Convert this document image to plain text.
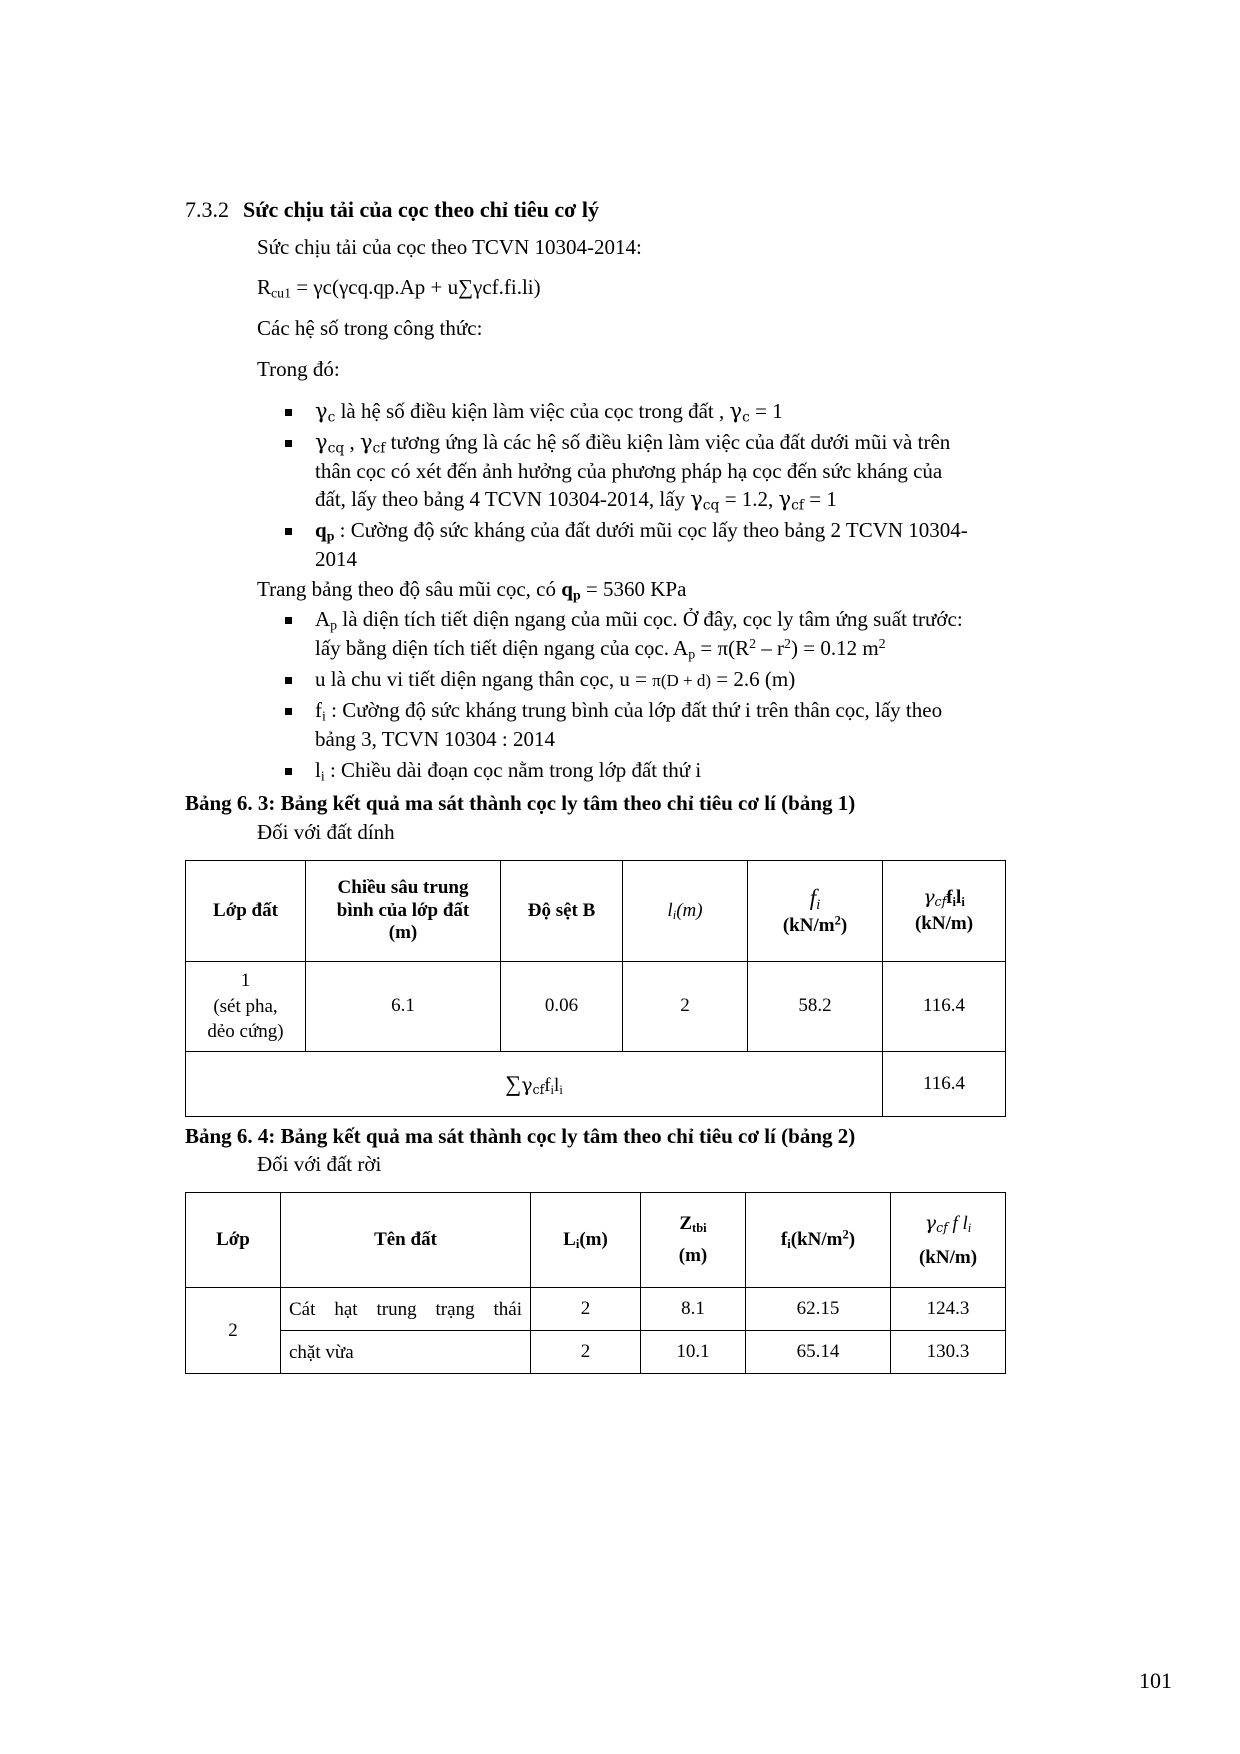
7.3.2 Sức chịu tải của cọc theo chỉ tiêu cơ lý

Sức chịu tải của cọc theo TCVN 10304-2014:

$R_{cu1} = \gamma c(\gamma cq.qp.Ap + u\sum\gamma cf.fi.li)$

Các hệ số trong công thức:

Trong đó:

$\gamma_c$ là hệ số điều kiện làm việc của cọc trong đất , $\gamma_c = 1$
$\gamma_{cq}$ , $\gamma_{cf}$ tương ứng là các hệ số điều kiện làm việc của đất dưới mũi và trên
thân cọc có xét đến ảnh hưởng của phương pháp hạ cọc đến sức kháng của
đất, lấy theo bảng 4 TCVN 10304-2014, lấy $\gamma_{cq} = 1.2$, $\gamma_{cf} = 1$
$q_p$ : Cường độ sức kháng của đất dưới mũi cọc lấy theo bảng 2 TCVN 10304-
2014

Trang bảng theo độ sâu mũi cọc, có $q_p = 5360$ KPa

$A_p$ là diện tích tiết diện ngang của mũi cọc. Ở đây, cọc ly tâm ứng suất trước:
lấy bằng diện tích tiết diện ngang của cọc. $A_p = \pi(R^2 - r^2) = 0.12$ $m^2$
u là chu vi tiết diện ngang thân cọc, u = π(D + d) = 2.6 (m)
$f_i$ : Cường độ sức kháng trung bình của lớp đất thứ i trên thân cọc, lấy theo
bảng 3, TCVN 10304 : 2014
$l_i$ : Chiều dài đoạn cọc nằm trong lớp đất thứ i
Bảng 6. 3: Bảng kết quả ma sát thành cọc ly tâm theo chỉ tiêu cơ lí (bảng 1)
Đối với đất dính
Lớp đất	Chiều sâu trung
bình của lớp đất
(m)	Độ sệt B	$l_i(m)$	$f_i$
$(kN/m^2)$	$\gamma_{cf}f_il_i$
(kN/m)

1
(sét pha,
dẻo cứng)	6.1	0.06	2	58.2	116.4
$\sum\gamma_{cf}f_il_i$					116.4
Bảng 6. 4: Bảng kết quả ma sát thành cọc ly tâm theo chỉ tiêu cơ lí (bảng 2)
Đối với đất rời
Lớp	Tên đất	$L_i(m)$	$Z_{tbi}$
(m)	$f_i(kN/m^2)$	$\gamma_{cf}$ f $l_i$
(kN/m)

2	Cát hạt trung trạng thái	2	8.1	62.15	124.3
	chặt vừa	2	10.1	65.14	130.3
101
